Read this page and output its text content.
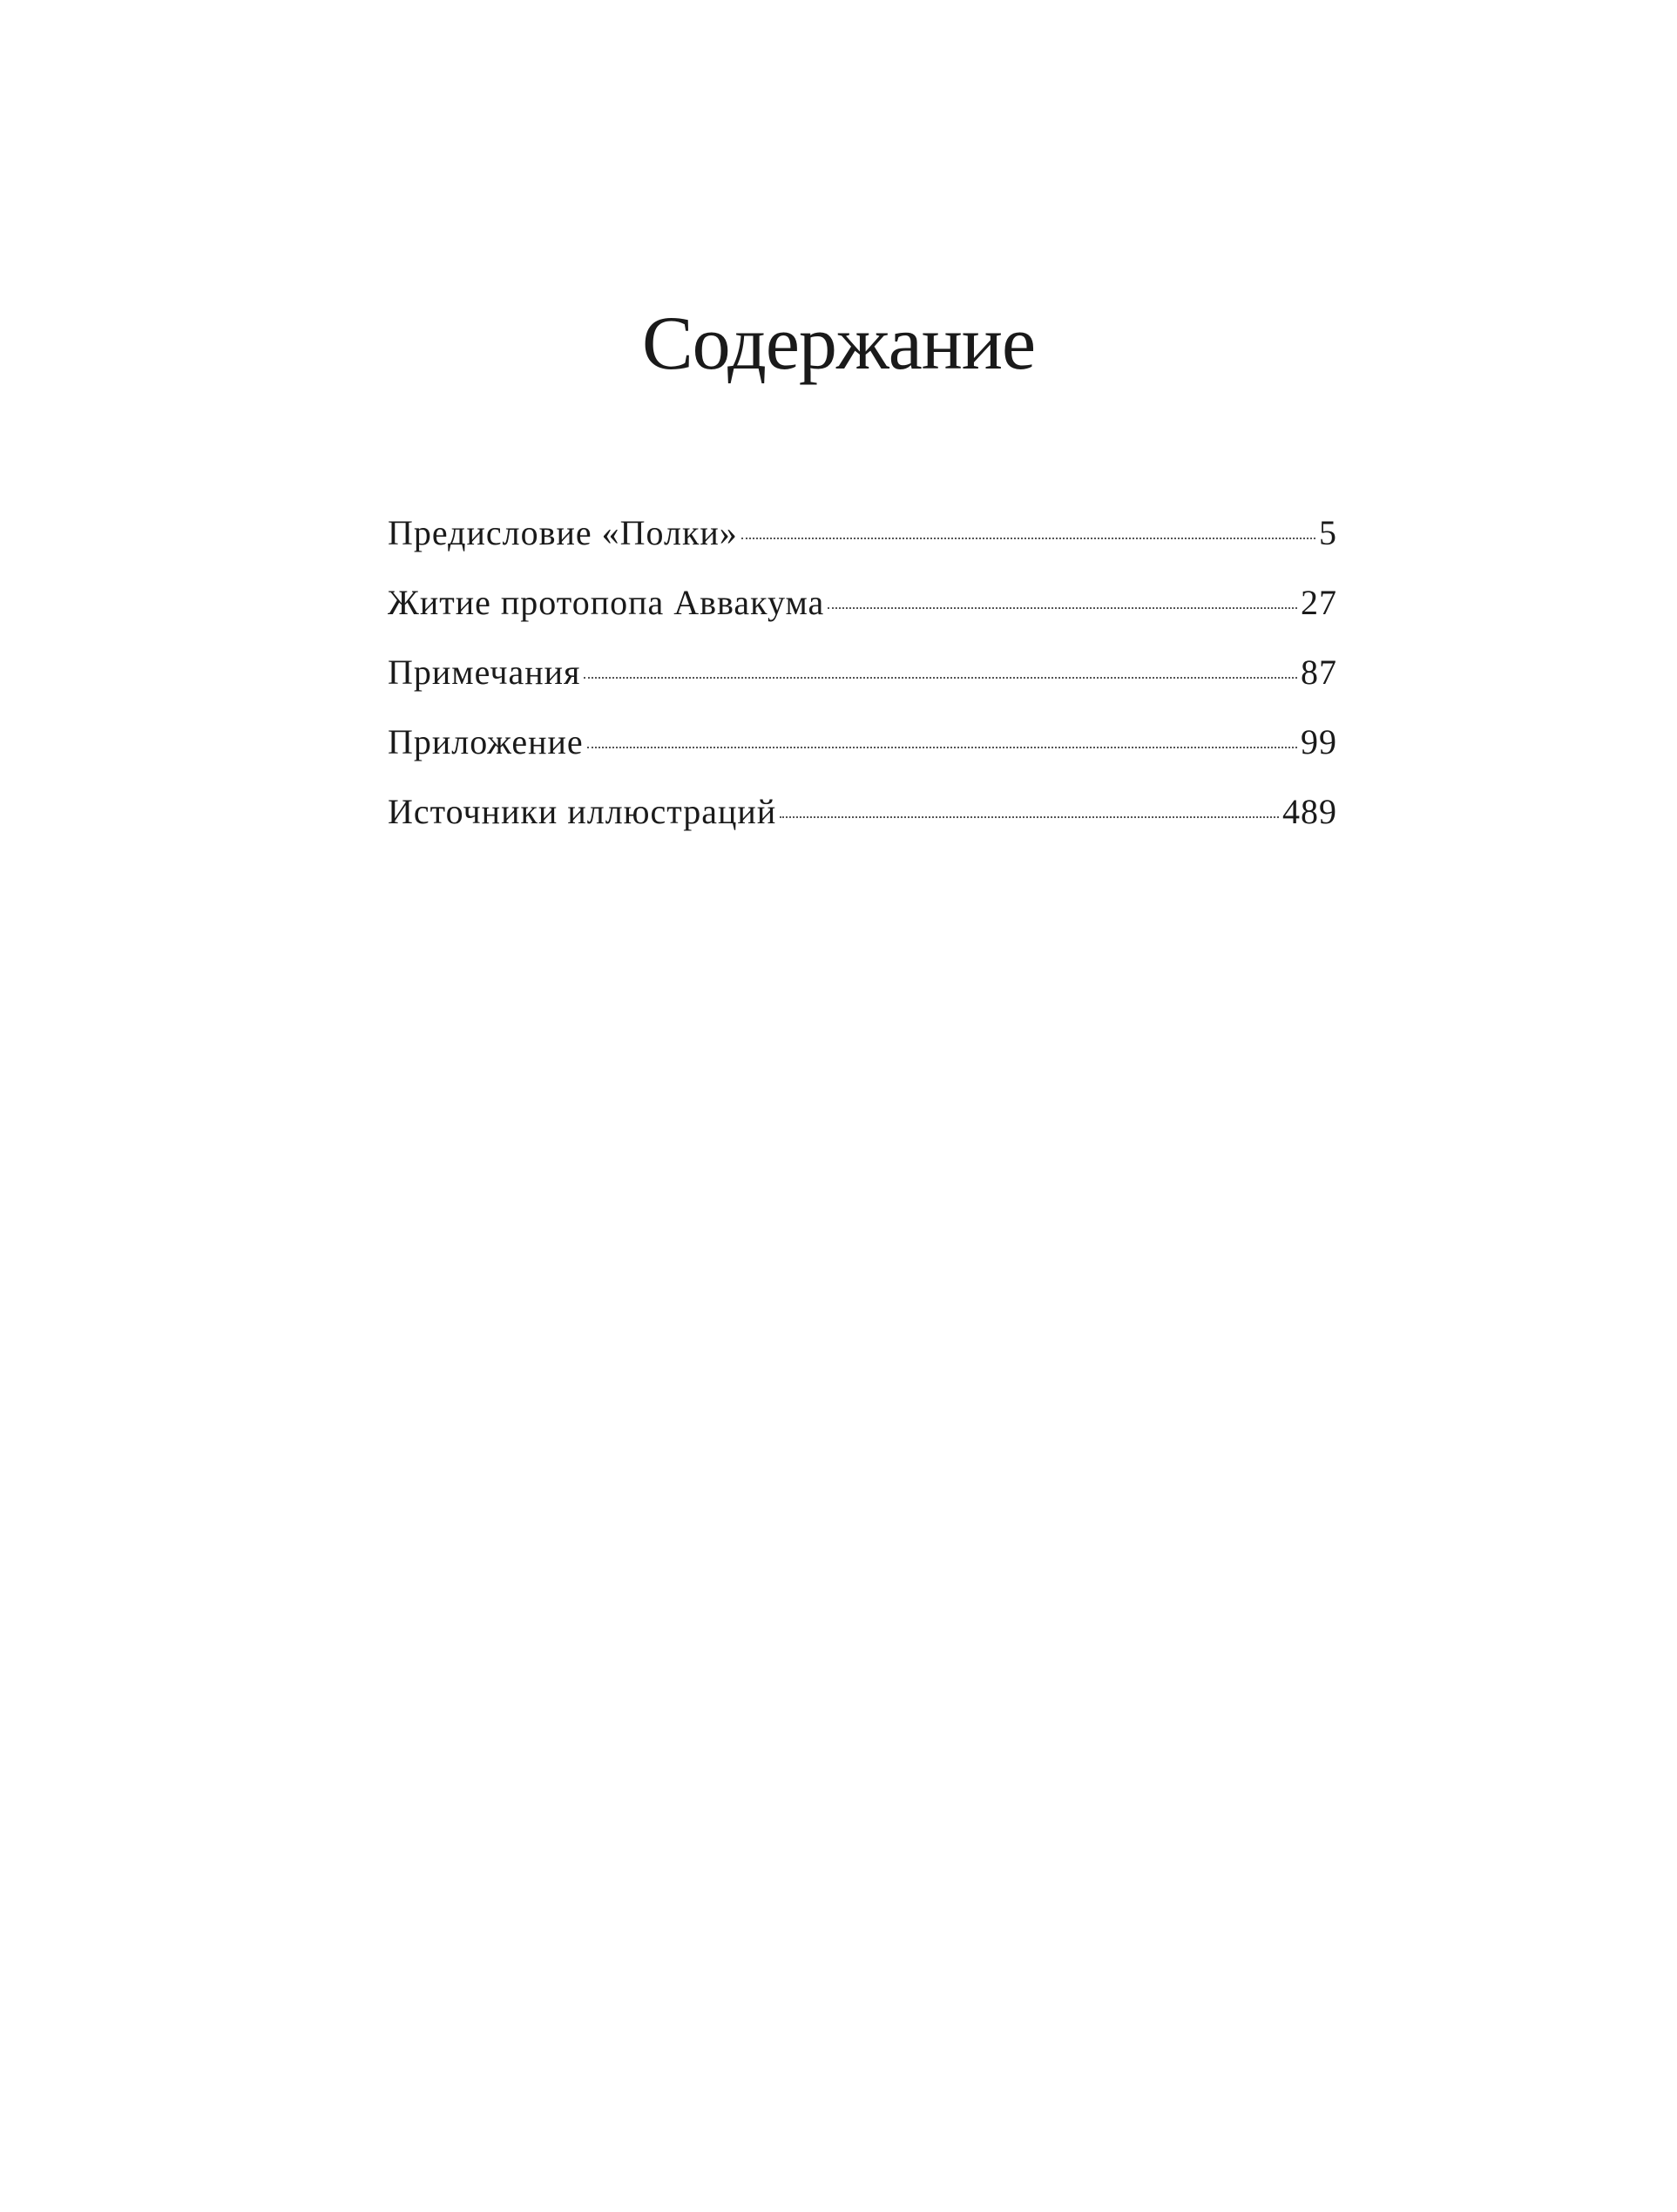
Содержание
Предисловие «Полки»	5
Житие протопопа Аввакума	27
Примечания	87
Приложение	99
Источники иллюстраций	489
